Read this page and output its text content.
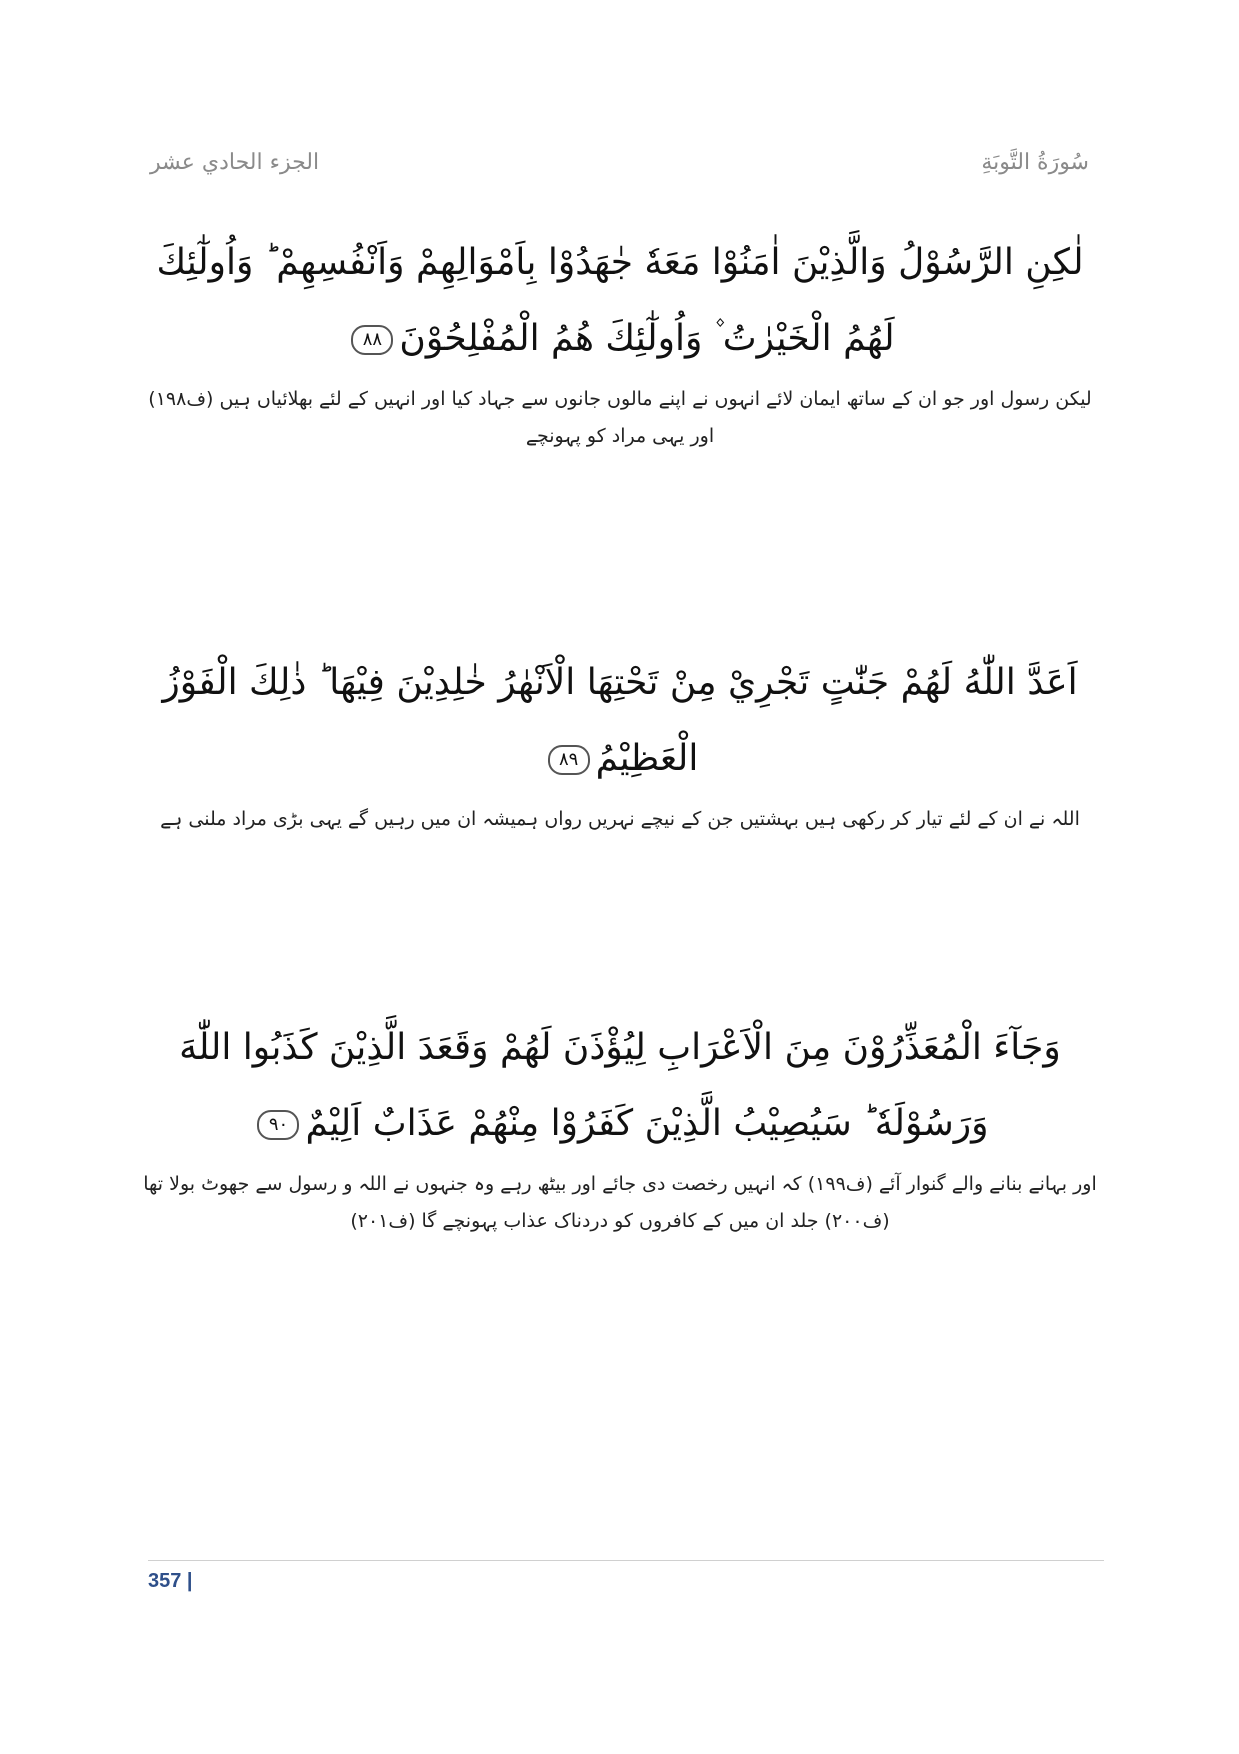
سُورَةُ التَّوبَةِ
الجزء الحادي عشر

لٰكِنِ الرَّسُوْلُ وَالَّذِيْنَ اٰمَنُوْا مَعَهٗ جٰهَدُوْا بِاَمْوَالِهِمْ وَاَنْفُسِهِمْ ؕ وَاُولٰٓئِكَ لَهُمُ الْخَيْرٰتُ ۫ وَاُولٰٓئِكَ هُمُ الْمُفْلِحُوْنَ۸۸

لیکن رسول اور جو ان کے ساتھ ایمان لائے انہوں نے اپنے مالوں جانوں سے جہاد کیا اور انہیں کے لئے بھلائیاں ہیں (ف۱۹۸) اور یہی مراد کو پہونچے

اَعَدَّ اللّٰهُ لَهُمْ جَنّٰتٍ تَجْرِيْ مِنْ تَحْتِهَا الْاَنْهٰرُ خٰلِدِيْنَ فِيْهَا ؕ ذٰلِكَ الْفَوْزُ الْعَظِيْمُ۸۹

اللہ نے ان کے لئے تیار کر رکھی ہیں بہشتیں جن کے نیچے نہریں رواں ہمیشہ ان میں رہیں گے یہی بڑی مراد ملنی ہے

وَجَآءَ الْمُعَذِّرُوْنَ مِنَ الْاَعْرَابِ لِيُؤْذَنَ لَهُمْ وَقَعَدَ الَّذِيْنَ كَذَبُوا اللّٰهَ وَرَسُوْلَهٗ ؕ سَيُصِيْبُ الَّذِيْنَ كَفَرُوْا مِنْهُمْ عَذَابٌ اَلِيْمٌ۹۰

اور بہانے بنانے والے گنوار آئے (ف۱۹۹) کہ انہیں رخصت دی جائے اور بیٹھ رہے وہ جنہوں نے اللہ و رسول سے جھوٹ بولا تھا (ف۲۰۰) جلد ان میں کے کافروں کو دردناک عذاب پہونچے گا (ف۲۰۱)

357 |
